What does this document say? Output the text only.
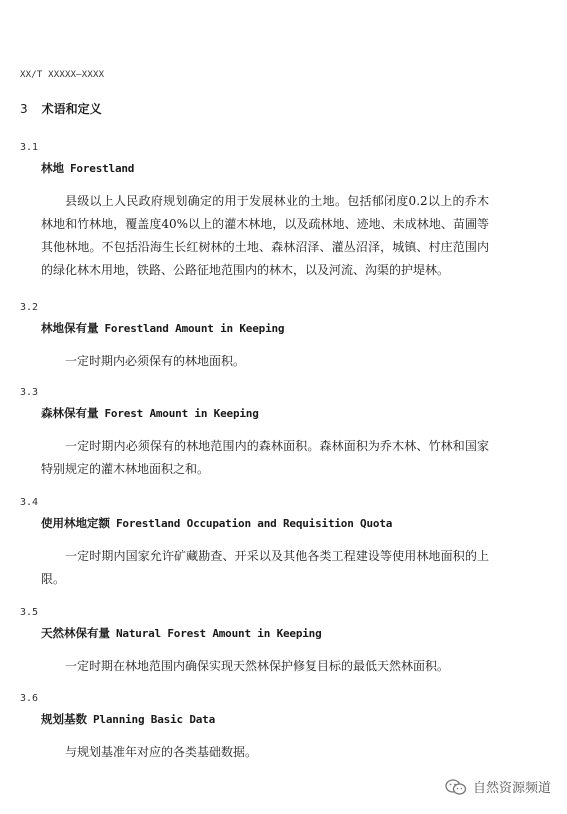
XX/T XXXXX—XXXX
3 术语和定义
3.1
林地 Forestland
县级以上人民政府规划确定的用于发展林业的土地。包括郁闭度0.2以上的乔木林地和竹林地，覆盖度40%以上的灌木林地，以及疏林地、迹地、未成林地、苗圃等其他林地。不包括沿海生长红树林的土地、森林沼泽、灌丛沼泽，城镇、村庄范围内的绿化林木用地，铁路、公路征地范围内的林木，以及河流、沟渠的护堤林。
3.2
林地保有量 Forestland Amount in Keeping
一定时期内必须保有的林地面积。
3.3
森林保有量 Forest Amount in Keeping
一定时期内必须保有的林地范围内的森林面积。森林面积为乔木林、竹林和国家特别规定的灌木林地面积之和。
3.4
使用林地定额 Forestland Occupation and Requisition Quota
一定时期内国家允许矿藏勘查、开采以及其他各类工程建设等使用林地面积的上限。
3.5
天然林保有量 Natural Forest Amount in Keeping
一定时期在林地范围内确保实现天然林保护修复目标的最低天然林面积。
3.6
规划基数 Planning Basic Data
与规划基准年对应的各类基础数据。
自然资源频道
